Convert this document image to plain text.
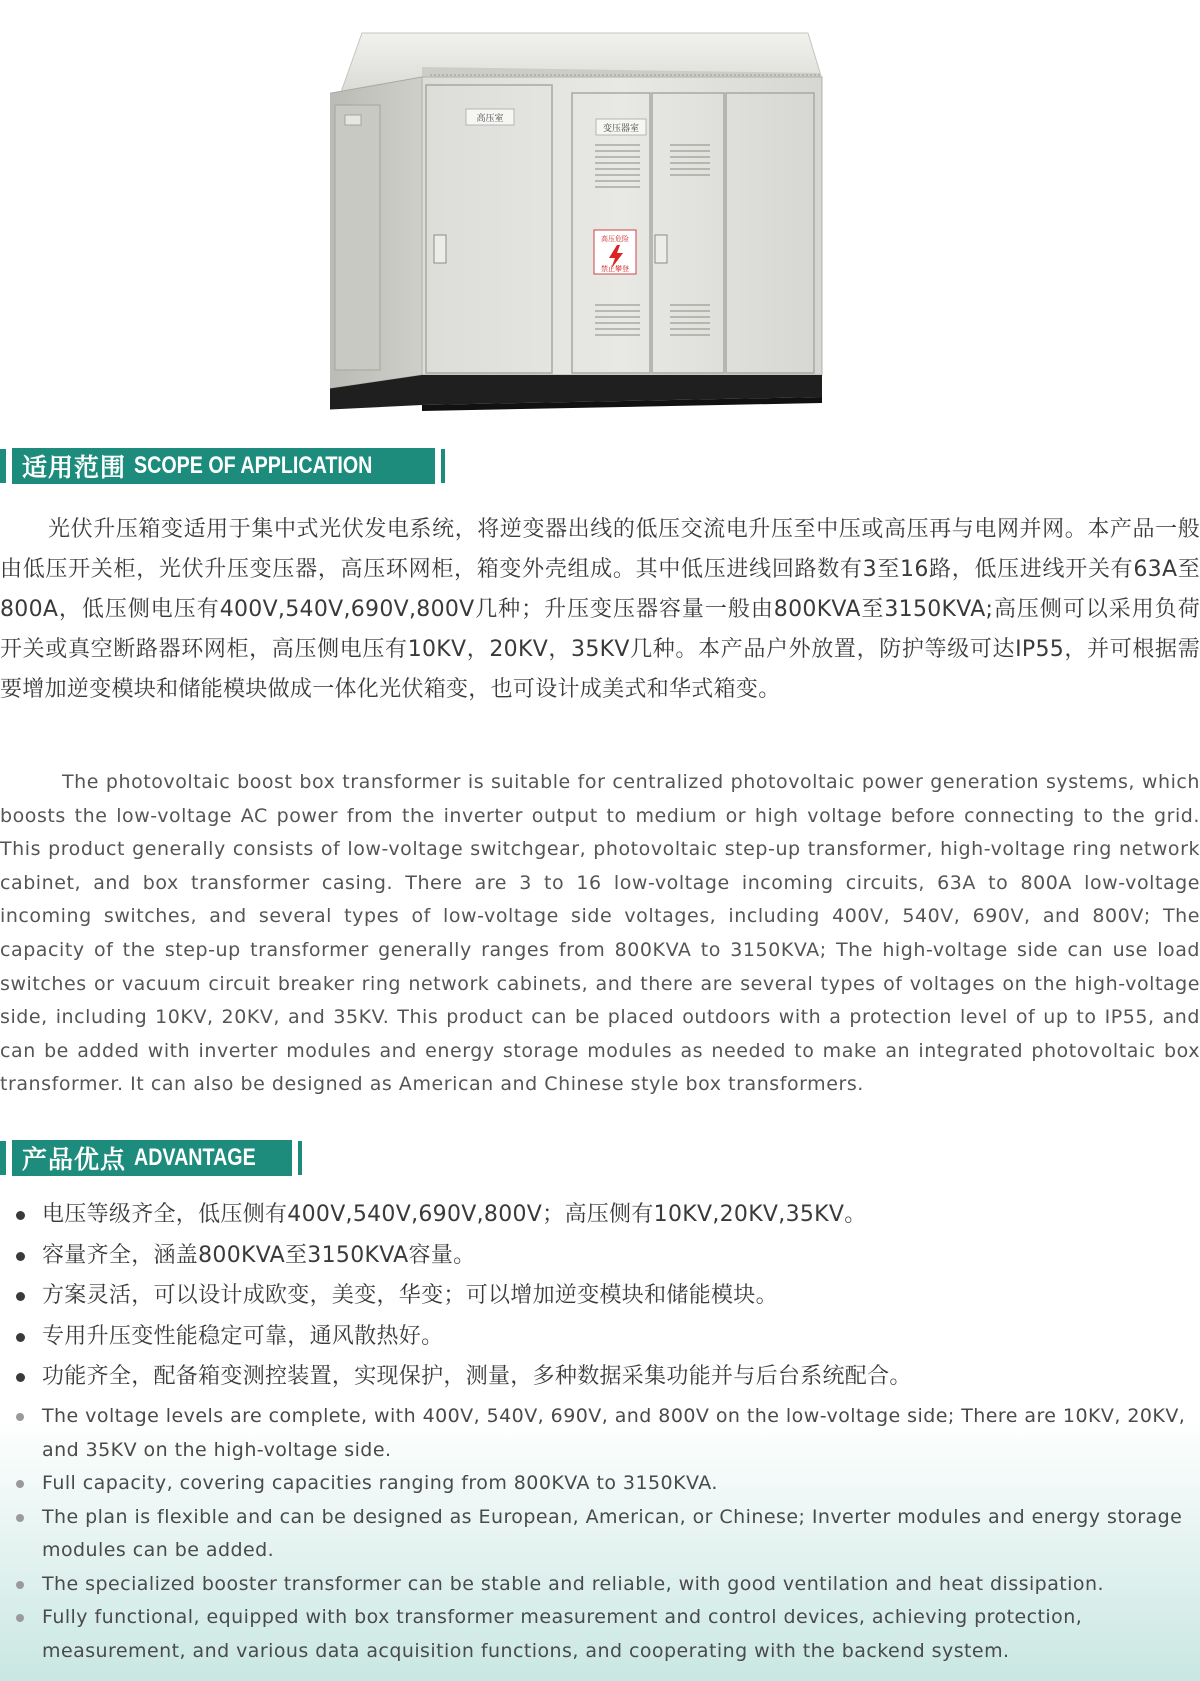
高压室
变压器室
高压危险
禁止攀登
适用范围 SCOPE OF APPLICATION

光伏升压箱变适用于集中式光伏发电系统，将逆变器出线的低压交流电升压至中压或高压再与电网并网。本产品一般由低压开关柜，光伏升压变压器，高压环网柜，箱变外壳组成。其中低压进线回路数有3至16路，低压进线开关有63A至800A，低压侧电压有400V,540V,690V,800V几种；升压变压器容量一般由800KVA至3150KVA;高压侧可以采用负荷开关或真空断路器环网柜，高压侧电压有10KV，20KV，35KV几种。本产品户外放置，防护等级可达IP55，并可根据需要增加逆变模块和储能模块做成一体化光伏箱变，也可设计成美式和华式箱变。

The photovoltaic boost box transformer is suitable for centralized photovoltaic power generation systems, which boosts the low-voltage AC power from the inverter output to medium or high voltage before connecting to the grid. This product generally consists of low-voltage switchgear, photovoltaic step-up transformer, high-voltage ring network cabinet, and box transformer casing. There are 3 to 16 low-voltage incoming circuits, 63A to 800A low-voltage incoming switches, and several types of low-voltage side voltages, including 400V, 540V, 690V, and 800V; The capacity of the step-up transformer generally ranges from 800KVA to 3150KVA; The high-voltage side can use load switches or vacuum circuit breaker ring network cabinets, and there are several types of voltages on the high-voltage side, including 10KV, 20KV, and 35KV. This product can be placed outdoors with a protection level of up to IP55, and can be added with inverter modules and energy storage modules as needed to make an integrated photovoltaic box transformer. It can also be designed as American and Chinese style box transformers.

产品优点 ADVANTAGE
电压等级齐全，低压侧有400V,540V,690V,800V；高压侧有10KV,20KV,35KV。
容量齐全，涵盖800KVA至3150KVA容量。
方案灵活，可以设计成欧变，美变，华变；可以增加逆变模块和储能模块。
专用升压变性能稳定可靠，通风散热好。
功能齐全，配备箱变测控装置，实现保护，测量，多种数据采集功能并与后台系统配合。
The voltage levels are complete, with 400V, 540V, 690V, and 800V on the low-voltage side; There are 10KV, 20KV, and 35KV on the high-voltage side.
Full capacity, covering capacities ranging from 800KVA to 3150KVA.
The plan is flexible and can be designed as European, American, or Chinese; Inverter modules and energy storage modules can be added.
The specialized booster transformer can be stable and reliable, with good ventilation and heat dissipation.
Fully functional, equipped with box transformer measurement and control devices, achieving protection, measurement, and various data acquisition functions, and cooperating with the backend system.
